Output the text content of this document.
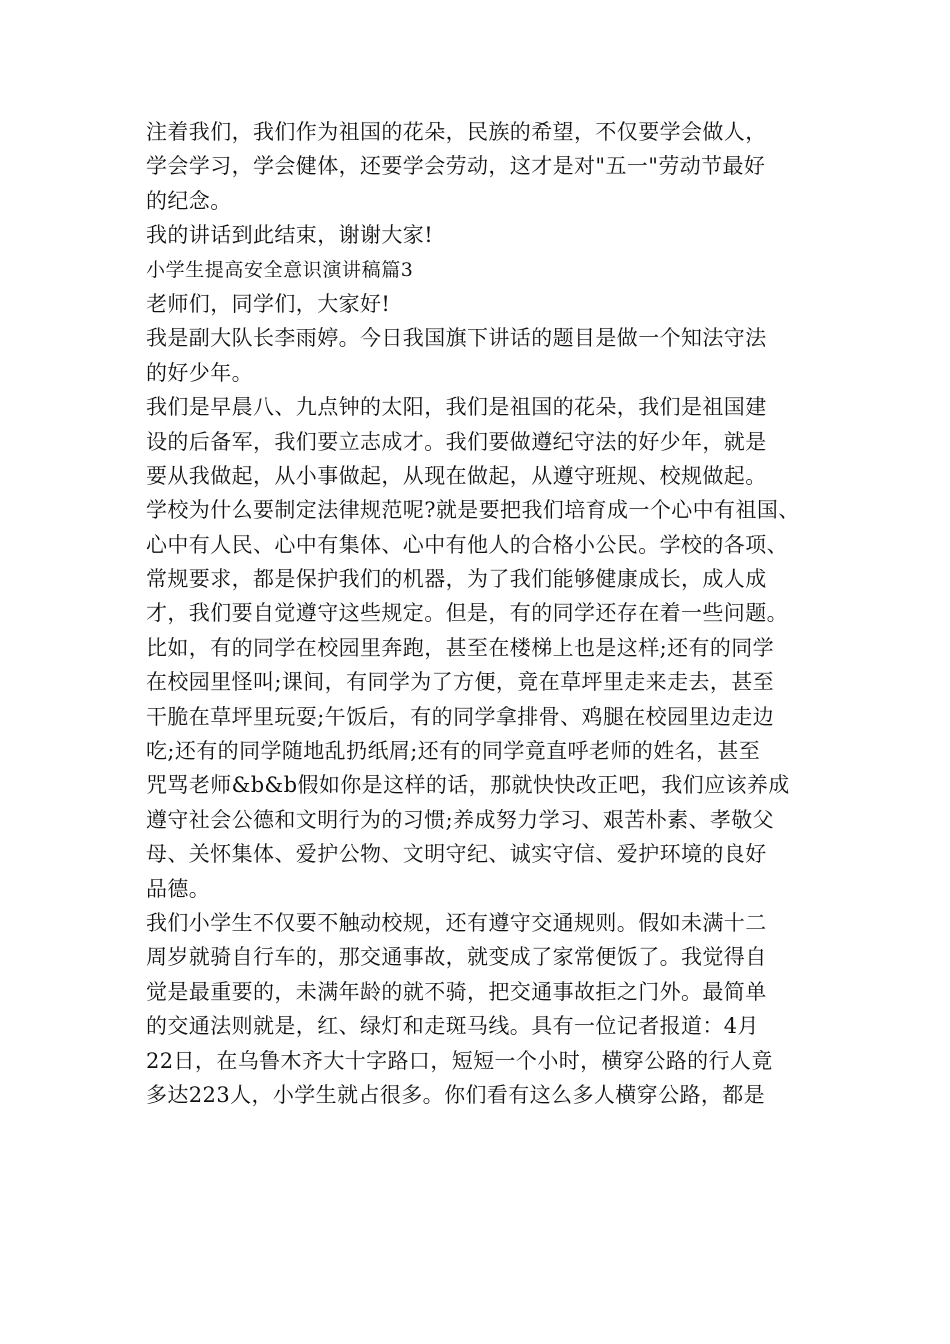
注着我们，我们作为祖国的花朵，民族的希望，不仅要学会做人，
学会学习，学会健体，还要学会劳动，这才是对"五一"劳动节最好
的纪念。
我的讲话到此结束，谢谢大家!
小学生提高安全意识演讲稿篇3
老师们，同学们，大家好!
我是副大队长李雨婷。今日我国旗下讲话的题目是做一个知法守法
的好少年。
我们是早晨八、九点钟的太阳，我们是祖国的花朵，我们是祖国建
设的后备军，我们要立志成才。我们要做遵纪守法的好少年，就是
要从我做起，从小事做起，从现在做起，从遵守班规、校规做起。
学校为什么要制定法律规范呢?就是要把我们培育成一个心中有祖国、
心中有人民、心中有集体、心中有他人的合格小公民。学校的各项、
常规要求，都是保护我们的机器，为了我们能够健康成长，成人成
才，我们要自觉遵守这些规定。但是，有的同学还存在着一些问题。
比如，有的同学在校园里奔跑，甚至在楼梯上也是这样;还有的同学
在校园里怪叫;课间，有同学为了方便，竟在草坪里走来走去，甚至
干脆在草坪里玩耍;午饭后，有的同学拿排骨、鸡腿在校园里边走边
吃;还有的同学随地乱扔纸屑;还有的同学竟直呼老师的姓名，甚至
咒骂老师&b&b假如你是这样的话，那就快快改正吧，我们应该养成
遵守社会公德和文明行为的习惯;养成努力学习、艰苦朴素、孝敬父
母、关怀集体、爱护公物、文明守纪、诚实守信、爱护环境的良好
品德。
我们小学生不仅要不触动校规，还有遵守交通规则。假如未满十二
周岁就骑自行车的，那交通事故，就变成了家常便饭了。我觉得自
觉是最重要的，未满年龄的就不骑，把交通事故拒之门外。最简单
的交通法则就是，红、绿灯和走斑马线。具有一位记者报道：4月
22日，在乌鲁木齐大十字路口，短短一个小时，横穿公路的行人竟
多达223人，小学生就占很多。你们看有这么多人横穿公路，都是
